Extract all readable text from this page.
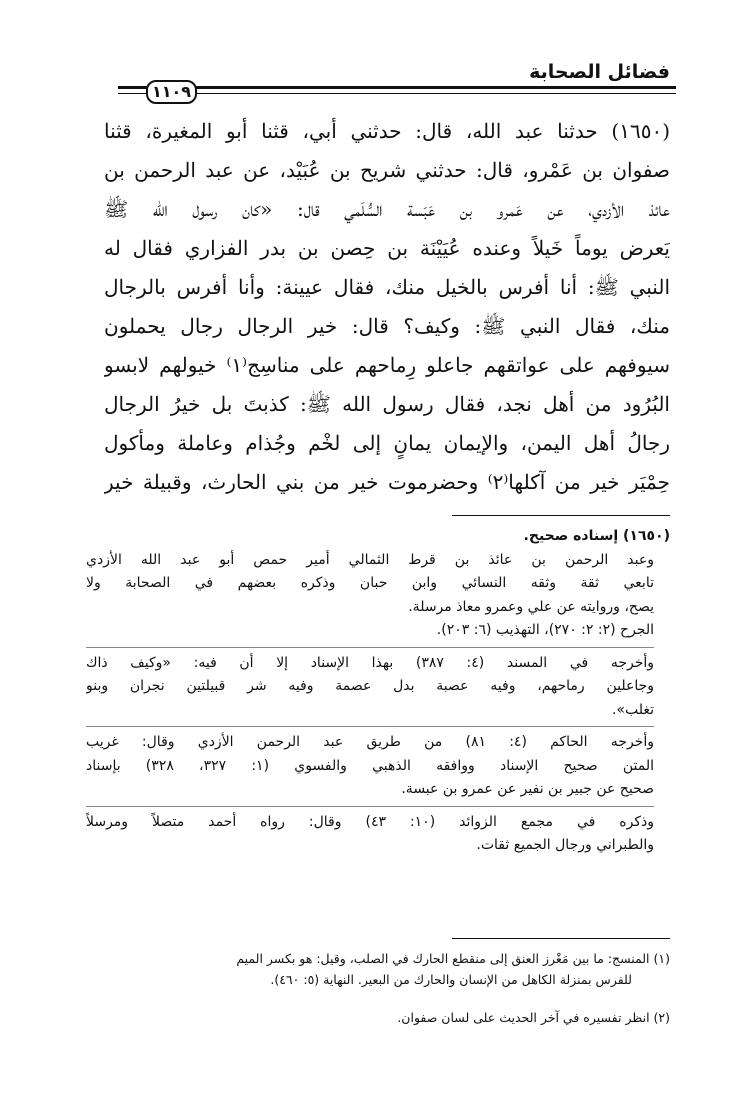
فضائل الصحابة
١١٠٩
(١٦٥٠) حدثنا عبد الله، قال: حدثني أبي، قثنا أبو المغيرة، قثنا
صفوان بن عَمْرو، قال: حدثني شريح بن عُبَيْد، عن عبد الرحمن بن
عائذ الأزدي، عن عَمرو بن عَبَسة السُّلَمي قال: «كان رسول الله ﷺ
يَعرض يوماً خَيلاً وعنده عُيَيْنَة بن حِصن بن بدر الفزاري فقال له
النبي ﷺ: أنا أفرس بالخيل منك، فقال عيينة: وأنا أفرس بالرجال
منك، فقال النبي ﷺ: وكيف؟ قال: خير الرجال رجال يحملون
سيوفهم على عواتقهم جاعلو رِماحهم على مناسِج⁽١⁾ خيولهم لابسو
البُرُود من أهل نجد، فقال رسول الله ﷺ: كذبتَ بل خيرُ الرجال
رجالُ أهل اليمن، والإيمان يمانٍ إلى لخْم وجُذام وعاملة ومأكول
حِمْيَر خير من آكلها⁽٢⁾ وحضرموت خير من بني الحارث، وقبيلة خير
(١٦٥٠) إسناده صحيح.
وعبد الرحمن بن عائذ بن قرط الثمالي أمير حمص أبو عبد الله الأزدي
تابعي ثقة وثقه النسائي وابن حبان وذكره بعضهم في الصحابة ولا
يصح، وروايته عن علي وعمرو معاذ مرسلة.
الجرح (٢: ٢: ٢٧٠)، التهذيب (٦: ٢٠٣).
وأخرجه في المسند (٤: ٣٨٧) بهذا الإسناد إلا أن فيه: «وكيف ذاك
وجاعلين رماحهم، وفيه عصبة بدل عصمة وفيه شر قبيلتين نجران وبنو
تغلب».
وأخرجه الحاكم (٤: ٨١) من طريق عبد الرحمن الأزدي وقال: غريب
المتن صحيح الإسناد ووافقه الذهبي والفسوي (١: ٣٢٧، ٣٢٨) بإسناد
صحيح عن جبير بن نفير عن عمرو بن عبسة.
وذكره في مجمع الزوائد (١٠: ٤٣) وقال: رواه أحمد متصلاً ومرسلاً
والطبراني ورجال الجميع ثقات.
(١) المنسج: ما بين مَغْرز العنق إلى منقطع الحارك في الصلب، وقيل: هو بكسر الميم
للفرس بمنزلة الكاهل من الإنسان والحارك من البعير. النهاية (٥: ٤٦٠).
(٢) انظر تفسيره في آخر الحديث على لسان صفوان.
